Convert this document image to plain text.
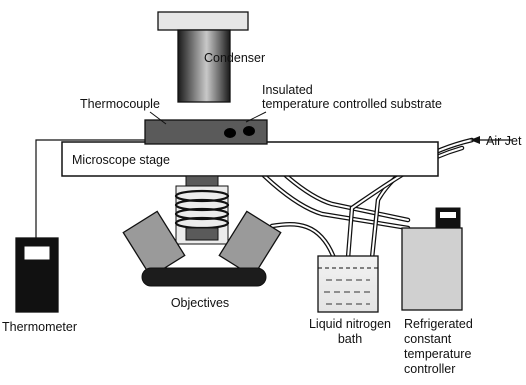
Condenser
Thermocouple
Insulated
temperature controlled substrate
Air Jet
Microscope stage
Objectives
Thermometer	Liquid nitrogen
bath
Refrigerated
constant
temperature
controller
